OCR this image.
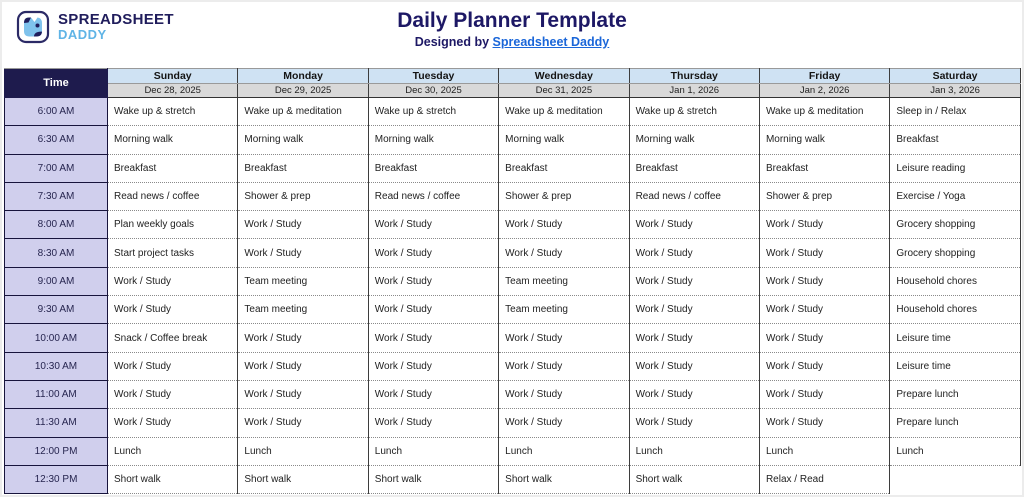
SPREADSHEET
DADDY
Daily Planner Template
Designed by Spreadsheet Daddy
Time	Sunday	Monday	Tuesday	Wednesday	Thursday	Friday	Saturday
	Dec 28, 2025	Dec 29, 2025	Dec 30, 2025	Dec 31, 2025	Jan 1, 2026	Jan 2, 2026	Jan 3, 2026
6:00 AM	Wake up & stretch	Wake up & meditation	Wake up & stretch	Wake up & meditation	Wake up & stretch	Wake up & meditation	Sleep in / Relax
6:30 AM	Morning walk	Morning walk	Morning walk	Morning walk	Morning walk	Morning walk	Breakfast
7:00 AM	Breakfast	Breakfast	Breakfast	Breakfast	Breakfast	Breakfast	Leisure reading
7:30 AM	Read news / coffee	Shower & prep	Read news / coffee	Shower & prep	Read news / coffee	Shower & prep	Exercise / Yoga
8:00 AM	Plan weekly goals	Work / Study	Work / Study	Work / Study	Work / Study	Work / Study	Grocery shopping
8:30 AM	Start project tasks	Work / Study	Work / Study	Work / Study	Work / Study	Work / Study	Grocery shopping
9:00 AM	Work / Study	Team meeting	Work / Study	Team meeting	Work / Study	Work / Study	Household chores
9:30 AM	Work / Study	Team meeting	Work / Study	Team meeting	Work / Study	Work / Study	Household chores
10:00 AM	Snack / Coffee break	Work / Study	Work / Study	Work / Study	Work / Study	Work / Study	Leisure time
10:30 AM	Work / Study	Work / Study	Work / Study	Work / Study	Work / Study	Work / Study	Leisure time
11:00 AM	Work / Study	Work / Study	Work / Study	Work / Study	Work / Study	Work / Study	Prepare lunch
11:30 AM	Work / Study	Work / Study	Work / Study	Work / Study	Work / Study	Work / Study	Prepare lunch
12:00 PM	Lunch	Lunch	Lunch	Lunch	Lunch	Lunch	Lunch
12:30 PM	Short walk	Short walk	Short walk	Short walk	Short walk	Relax / Read	
